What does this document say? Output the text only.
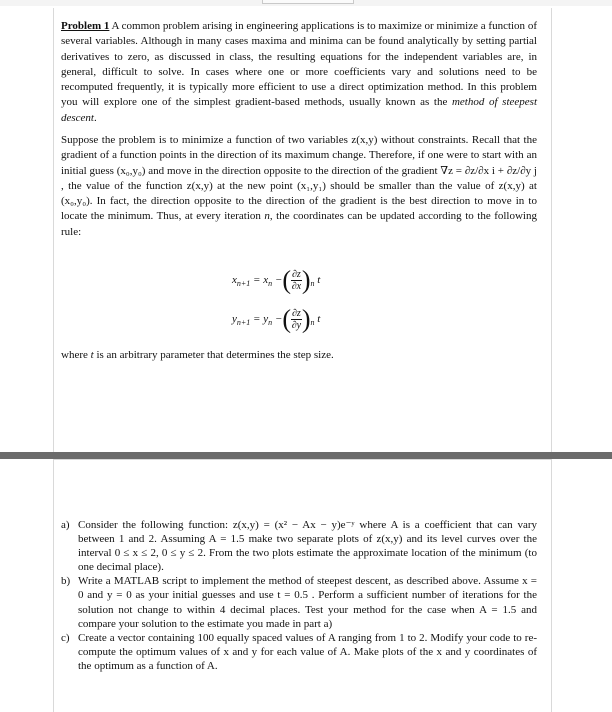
Problem 1 A common problem arising in engineering applications is to maximize or minimize a function of several variables. Although in many cases maxima and minima can be found analytically by setting partial derivatives to zero, as discussed in class, the resulting equations for the independent variables are, in general, difficult to solve. In cases where one or more coefficients vary and solutions need to be recomputed frequently, it is typically more efficient to use a direct optimization method. In this problem you will explore one of the simplest gradient-based methods, usually known as the method of steepest descent.
Suppose the problem is to minimize a function of two variables z(x,y) without constraints. Recall that the gradient of a function points in the direction of its maximum change. Therefore, if one were to start with an initial guess (x₀,y₀) and move in the direction opposite to the direction of the gradient ∇z = ∂z/∂x i + ∂z/∂y j , the value of the function z(x,y) at the new point (x₁,y₁) should be smaller than the value of z(x,y) at (x₀,y₀). In fact, the direction opposite to the direction of the gradient is the best direction to move in to locate the minimum. Thus, at every iteration n, the coordinates can be updated according to the following rule:
$x_{n+1} = x_n$ −( $\frac{\partial z}{\partial x} )_n$ t
$y_{n+1} = y_n$ −( $\frac{\partial z}{\partial y} )_n$ t
where t is an arbitrary parameter that determines the step size.
a) Consider the following function: z(x,y) = (x² − Ax − y)e⁻ʸ where A is a coefficient that can vary between 1 and 2. Assuming A = 1.5 make two separate plots of z(x,y) and its level curves over the interval 0 ≤ x ≤ 2, 0 ≤ y ≤ 2. From the two plots estimate the approximate location of the minimum (to one decimal place).
b) Write a MATLAB script to implement the method of steepest descent, as described above. Assume x = 0 and y = 0 as your initial guesses and use t = 0.5 . Perform a sufficient number of iterations for the solution not change to within 4 decimal places. Test your method for the case when A = 1.5 and compare your solution to the estimate you made in part a)
c) Create a vector containing 100 equally spaced values of A ranging from 1 to 2. Modify your code to re-compute the optimum values of x and y for each value of A. Make plots of the x and y coordinates of the optimum as a function of A.
